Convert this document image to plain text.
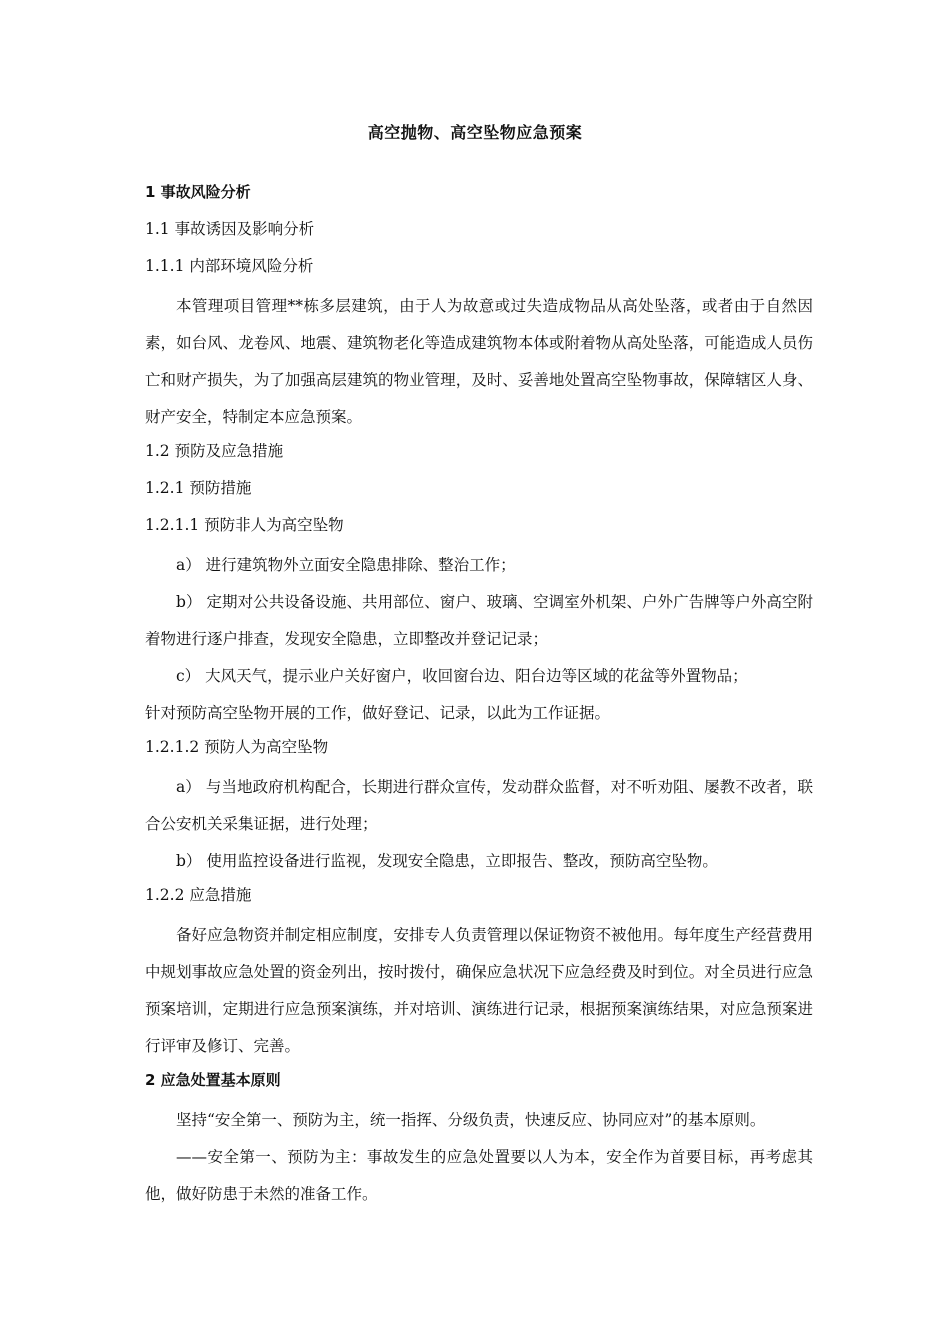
高空抛物、高空坠物应急预案
1 事故风险分析
1.1 事故诱因及影响分析
1.1.1 内部环境风险分析
本管理项目管理**栋多层建筑，由于人为故意或过失造成物品从高处坠落，或者由于自然因素，如台风、龙卷风、地震、建筑物老化等造成建筑物本体或附着物从高处坠落，可能造成人员伤亡和财产损失，为了加强高层建筑的物业管理，及时、妥善地处置高空坠物事故，保障辖区人身、财产安全，特制定本应急预案。
1.2 预防及应急措施
1.2.1 预防措施
1.2.1.1 预防非人为高空坠物
a） 进行建筑物外立面安全隐患排除、整治工作；
b） 定期对公共设备设施、共用部位、窗户、玻璃、空调室外机架、户外广告牌等户外高空附着物进行逐户排查，发现安全隐患，立即整改并登记记录；
c） 大风天气，提示业户关好窗户，收回窗台边、阳台边等区域的花盆等外置物品；
针对预防高空坠物开展的工作，做好登记、记录，以此为工作证据。
1.2.1.2 预防人为高空坠物
a） 与当地政府机构配合，长期进行群众宣传，发动群众监督，对不听劝阻、屡教不改者，联合公安机关采集证据，进行处理；
b） 使用监控设备进行监视，发现安全隐患，立即报告、整改，预防高空坠物。
1.2.2 应急措施
备好应急物资并制定相应制度，安排专人负责管理以保证物资不被他用。每年度生产经营费用中规划事故应急处置的资金列出，按时拨付，确保应急状况下应急经费及时到位。对全员进行应急预案培训，定期进行应急预案演练，并对培训、演练进行记录，根据预案演练结果，对应急预案进行评审及修订、完善。
2 应急处置基本原则
坚持“安全第一、预防为主，统一指挥、分级负责，快速反应、协同应对”的基本原则。
——安全第一、预防为主：事故发生的应急处置要以人为本，安全作为首要目标，再考虑其他，做好防患于未然的准备工作。
